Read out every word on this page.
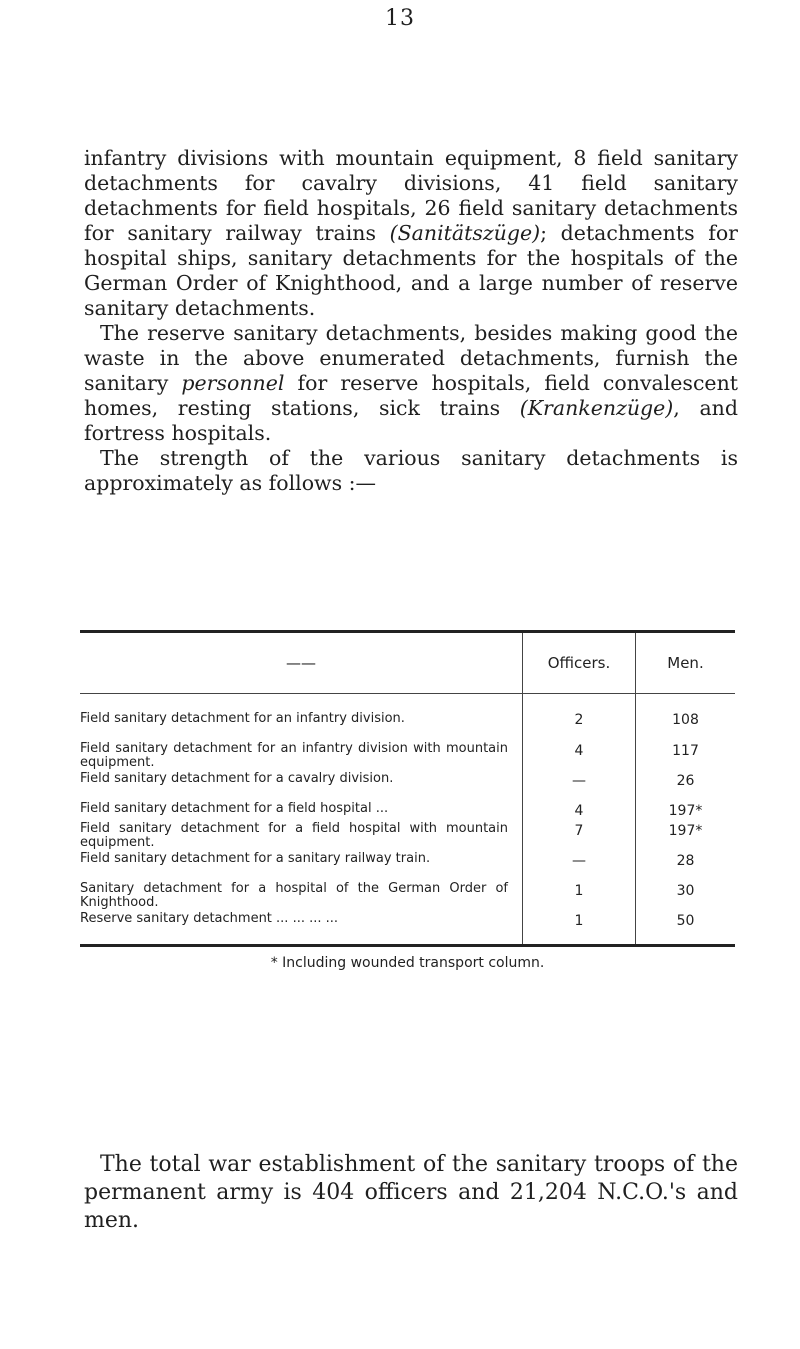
13

infantry divisions with mountain equipment, 8 field sanitary detachments for cavalry divisions, 41 field sanitary detachments for field hospitals, 26 field sanitary detachments for sanitary railway trains (Sanitätszüge); detachments for hospital ships, sanitary detachments for the hospitals of the German Order of Knighthood, and a large number of reserve sanitary detachments.

The reserve sanitary detachments, besides making good the waste in the above enumerated detachments, furnish the sanitary personnel for reserve hospitals, field convalescent homes, resting stations, sick trains (Krankenzüge), and fortress hospitals.

The strength of the various sanitary detachments is approximately as follows :—

——	Officers.	Men.
Field sanitary detachment for an infantry division.	2	108
Field sanitary detachment for an infantry division with mountain equipment.	4	117
Field sanitary detachment for a cavalry division.	—	26
Field sanitary detachment for a field hospital ...	4	197*
Field sanitary detachment for a field hospital with mountain equipment.	7	197*
Field sanitary detachment for a sanitary railway train.	—	28
Sanitary detachment for a hospital of the German Order of Knighthood.	1	30
Reserve sanitary detachment ... ... ... ...	1	50
* Including wounded transport column.

The total war establishment of the sanitary troops of the permanent army is 404 officers and 21,204 N.C.O.'s and men.
